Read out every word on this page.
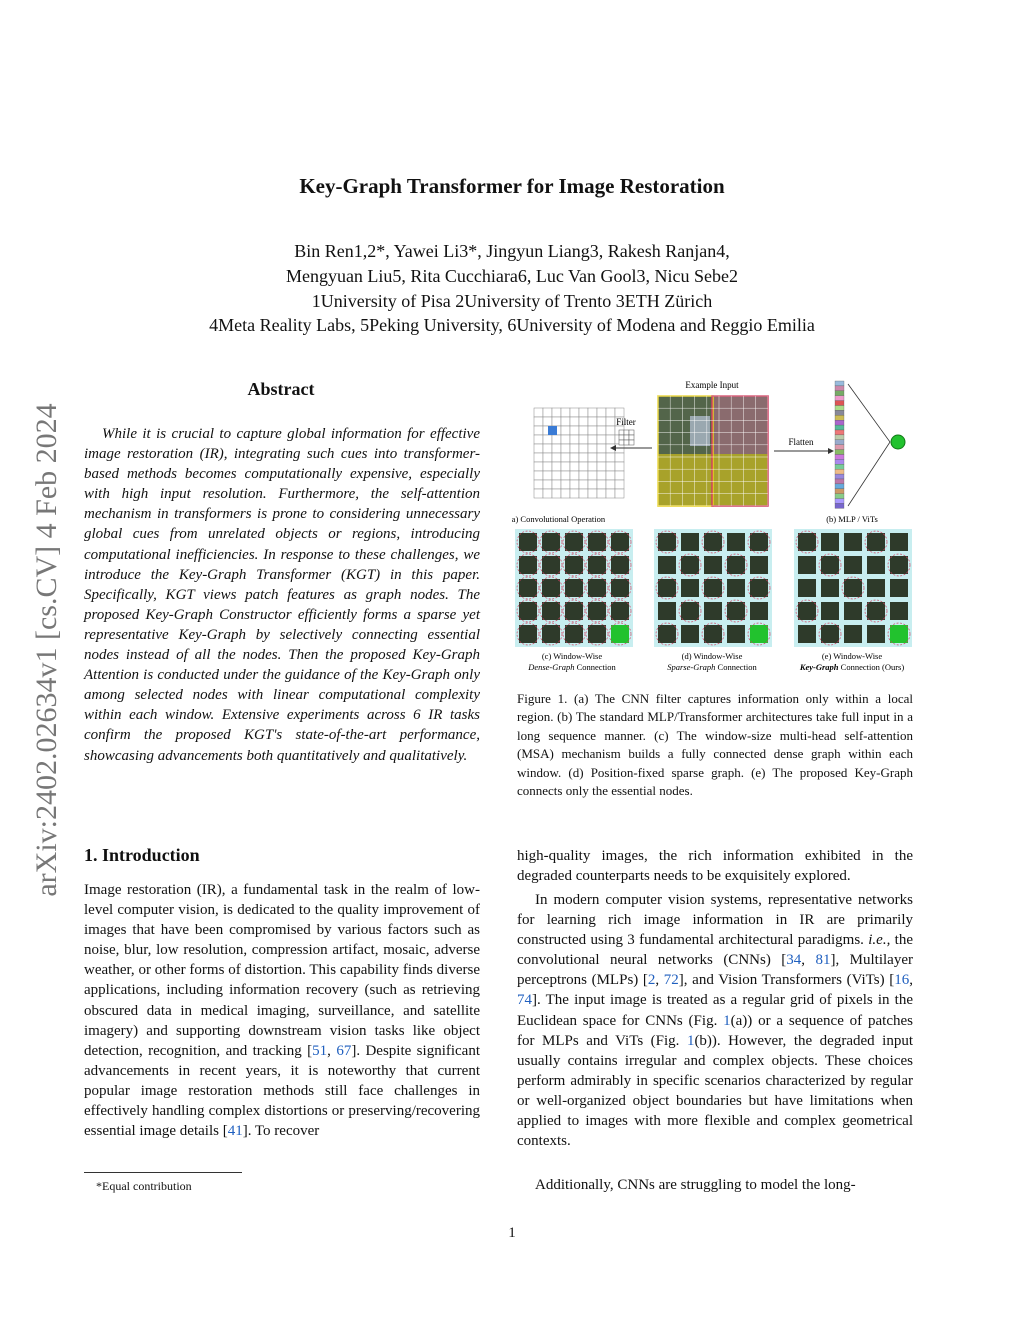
arXiv:2402.02634v1 [cs.CV] 4 Feb 2024
Key-Graph Transformer for Image Restoration
Bin Ren1,2*, Yawei Li3*, Jingyun Liang3, Rakesh Ranjan4,
Mengyuan Liu5, Rita Cucchiara6, Luc Van Gool3, Nicu Sebe2
1University of Pisa 2University of Trento 3ETH Zürich
4Meta Reality Labs, 5Peking University, 6University of Modena and Reggio Emilia
Abstract
While it is crucial to capture global information for effective image restoration (IR), integrating such cues into transformer-based methods becomes computationally expensive, especially with high input resolution. Furthermore, the self-attention mechanism in transformers is prone to considering unnecessary global cues from unrelated objects or regions, introducing computational inefficiencies. In response to these challenges, we introduce the Key-Graph Transformer (KGT) in this paper. Specifically, KGT views patch features as graph nodes. The proposed Key-Graph Constructor efficiently forms a sparse yet representative Key-Graph by selectively connecting essential nodes instead of all the nodes. Then the proposed Key-Graph Attention is conducted under the guidance of the Key-Graph only among selected nodes with linear computational complexity within each window. Extensive experiments across 6 IR tasks confirm the proposed KGT's state-of-the-art performance, showcasing advancements both quantitatively and qualitatively.
1. Introduction
Image restoration (IR), a fundamental task in the realm of low-level computer vision, is dedicated to the quality improvement of images that have been compromised by various factors such as noise, blur, low resolution, compression artifact, mosaic, adverse weather, or other forms of distortion. This capability finds diverse applications, including information recovery (such as retrieving obscured data in medical imaging, surveillance, and satellite imagery) and supporting downstream vision tasks like object detection, recognition, and tracking [51, 67]. Despite significant advancements in recent years, it is noteworthy that current popular image restoration methods still face challenges in effectively handling complex distortions or preserving/recovering essential image details [41]. To recover
*Equal contribution
high-quality images, the rich information exhibited in the degraded counterparts needs to be exquisitely explored.
In modern computer vision systems, representative networks for learning rich image information in IR are primarily constructed using 3 fundamental architectural paradigms. i.e., the convolutional neural networks (CNNs) [34, 81], Multilayer perceptrons (MLPs) [2, 72], and Vision Transformers (ViTs) [16, 74]. The input image is treated as a regular grid of pixels in the Euclidean space for CNNs (Fig. 1(a)) or a sequence of patches for MLPs and ViTs (Fig. 1(b)). However, the degraded input usually contains irregular and complex objects. These choices perform admirably in specific scenarios characterized by regular or well-organized object boundaries but have limitations when applied to images with more flexible and complex geometrical contexts.
Additionally, CNNs are struggling to model the long-
Filter
Example Input
Flatten
(a) Convolutional Operation	(b) MLP / ViTs
(c) Window-Wise
Dense-Graph Connection
(d) Window-Wise
Sparse-Graph Connection
(e) Window-Wise
Key-Graph Connection (Ours)
Figure 1. (a) The CNN filter captures information only within a local region. (b) The standard MLP/Transformer architectures take full input in a long sequence manner. (c) The window-size multi-head self-attention (MSA) mechanism builds a fully connected dense graph within each window. (d) Position-fixed sparse graph. (e) The proposed Key-Graph connects only the essential nodes.
1
